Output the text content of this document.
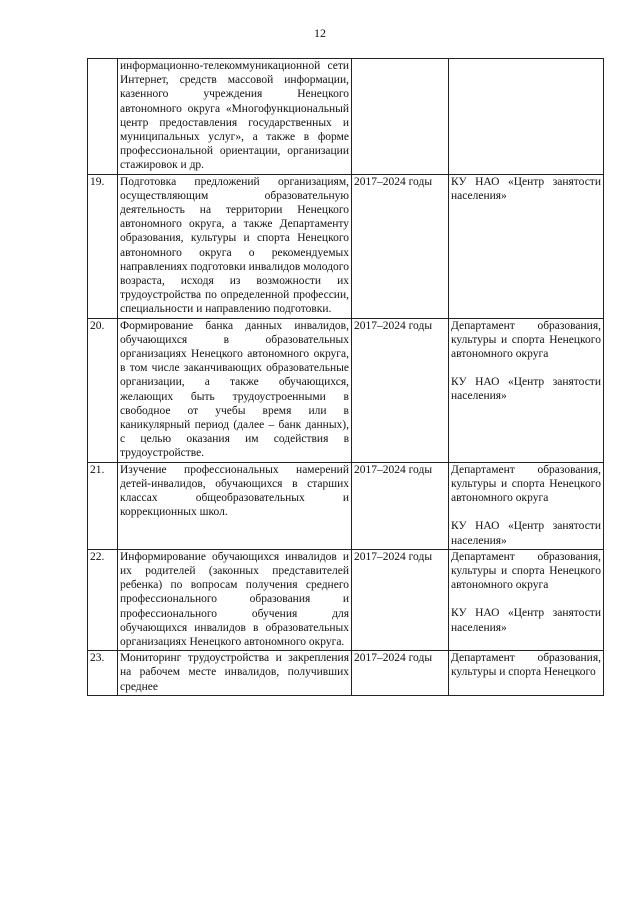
12
	информационно-телекоммуникационной сети Интернет, средств массовой информации, казенного учреждения Ненецкого автономного округа «Многофункциональный центр предоставления государственных и муниципальных услуг», а также в форме профессиональной ориентации, организации стажировок и др.		
19.	Подготовка предложений организациям, осуществляющим образовательную деятельность на территории Ненецкого автономного округа, а также Департаменту образования, культуры и спорта Ненецкого автономного округа о рекомендуемых направлениях подготовки инвалидов молодого возраста, исходя из возможности их трудоустройства по определенной профессии, специальности и направлению подготовки.	2017–2024 годы	КУ НАО «Центр занятости населения»

20.	Формирование банка данных инвалидов, обучающихся в образовательных организациях Ненецкого автономного округа, в том числе заканчивающих образовательные организации, а также обучающихся, желающих быть трудоустроенными в свободное от учебы время или в каникулярный период (далее – банк данных), с целью оказания им содействия в трудоустройстве.	2017–2024 годы	Департамент образования, культуры и спорта Ненецкого автономного округа
КУ НАО «Центр занятости населения»

21.	Изучение профессиональных намерений детей-инвалидов, обучающихся в старших классах общеобразовательных и коррекционных школ.	2017–2024 годы	Департамент образования, культуры и спорта Ненецкого автономного округа
КУ НАО «Центр занятости населения»

22.	Информирование обучающихся инвалидов и их родителей (законных представителей ребенка) по вопросам получения среднего профессионального образования и профессионального обучения для обучающихся инвалидов в образовательных организациях Ненецкого автономного округа.	2017–2024 годы	Департамент образования, культуры и спорта Ненецкого автономного округа
КУ НАО «Центр занятости населения»

23.	Мониторинг трудоустройства и закрепления на рабочем месте инвалидов, получивших среднее	2017–2024 годы	Департамент образования, культуры и спорта Ненецкого
